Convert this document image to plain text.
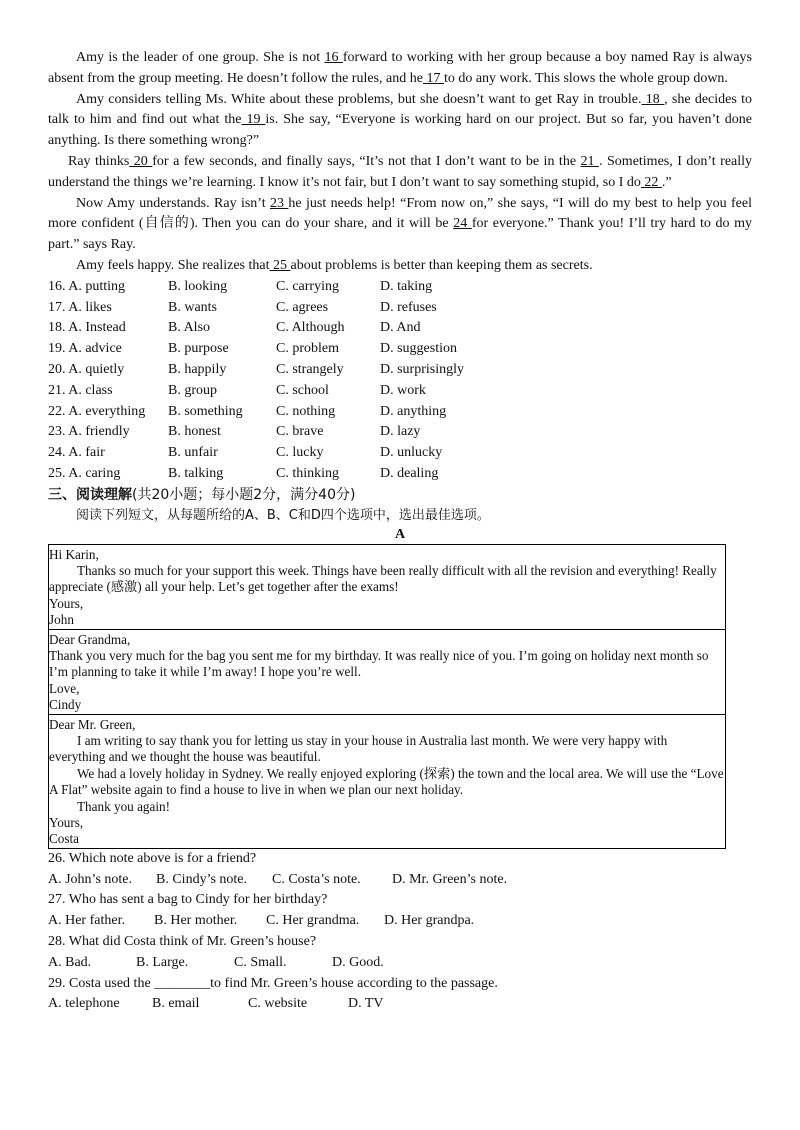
Amy is the leader of one group. She is not 16 forward to working with her group because a boy named Ray is always absent from the group meeting. He doesn’t follow the rules, and he 17 to do any work. This slows the whole group down.

Amy considers telling Ms. White about these problems, but she doesn’t want to get Ray in trouble. 18 , she decides to talk to him and find out what the 19 is. She say, “Everyone is working hard on our project. But so far, you haven’t done anything. Is there something wrong?”

Ray thinks 20 for a few seconds, and finally says, “It’s not that I don’t want to be in the 21 . Sometimes, I don’t really understand the things we’re learning. I know it’s not fair, but I don’t want to say something stupid, so I do 22 .”

Now Amy understands. Ray isn’t 23 he just needs help! “From now on,” she says, “I will do my best to help you feel more confident (自信的). Then you can do your share, and it will be 24 for everyone.” Thank you! I’ll try hard to do my part.” says Ray.

Amy feels happy. She realizes that 25 about problems is better than keeping them as secrets.

16. A. putting	B. looking	C. carrying	D. taking
17. A. likes	B. wants	C. agrees	D. refuses
18. A. Instead	B. Also	C. Although	D. And
19. A. advice	B. purpose	C. problem	D. suggestion
20. A. quietly	B. happily	C. strangely	D. surprisingly
21. A. class	B. group	C. school	D. work
22. A. everything	B. something	C. nothing	D. anything
23. A. friendly	B. honest	C. brave	D. lazy
24. A. fair	B. unfair	C. lucky	D. unlucky
25. A. caring	B. talking	C. thinking	D. dealing
三、阅读理解(共20小题；每小题2分，满分40分)
阅读下列短文，从每题所给的A、B、C和D四个选项中，选出最佳选项。
A

Hi Karin,

Thanks so much for your support this week. Things have been really difficult with all the revision and everything! Really appreciate (感激) all your help. Let’s get together after the exams!

Yours,

John

Dear Grandma,

Thank you very much for the bag you sent me for my birthday. It was really nice of you. I’m going on holiday next month so I’m planning to take it while I’m away! I hope you’re well.

Love,

Cindy

Dear Mr. Green,

I am writing to say thank you for letting us stay in your house in Australia last month. We were very happy with everything and we thought the house was beautiful.

We had a lovely holiday in Sydney. We really enjoyed exploring (探索) the town and the local area. We will use the “Love A Flat” website again to find a house to live in when we plan our next holiday.

Thank you again!

Yours,

Costa

26. Which note above is for a friend?
A. John’s note.	B. Cindy’s note.	C. Costa’s note.	D. Mr. Green’s note.
27. Who has sent a bag to Cindy for her birthday?
A. Her father.	B. Her mother.	C. Her grandma.	D. Her grandpa.
28. What did Costa think of Mr. Green’s house?
A. Bad.	B. Large.	C. Small.	D. Good.
29. Costa used the ________to find Mr. Green’s house according to the passage.
A. telephone	B. email	C. website	D. TV
